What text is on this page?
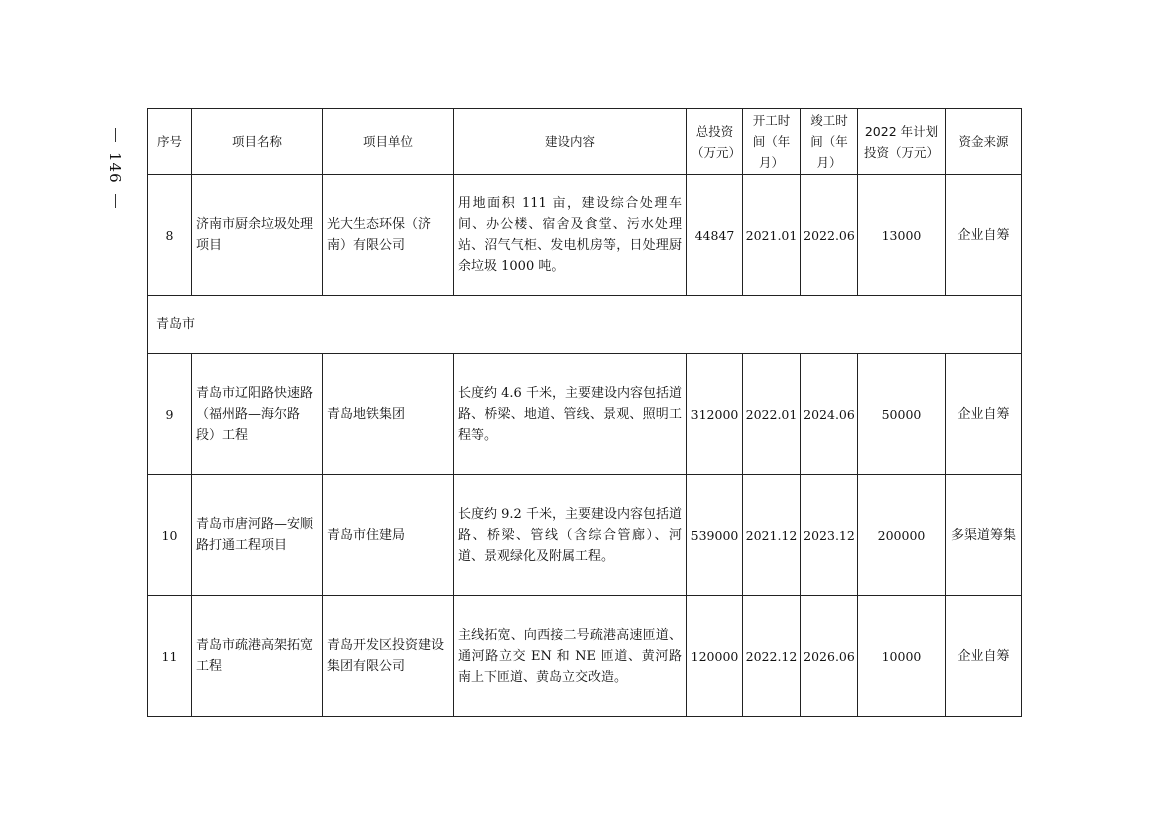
146
序号	项目名称	项目单位	建设内容	总投资（万元）	开工时间（年月）	竣工时间（年月）	2022 年计划投资（万元）	资金来源
8	济南市厨余垃圾处理项目	光大生态环保（济南）有限公司	用地面积 111 亩，建设综合处理车间、办公楼、宿舍及食堂、污水处理站、沼气气柜、发电机房等，日处理厨余垃圾 1000 吨。	44847	2021.01	2022.06	13000	企业自筹
青岛市								
9	青岛市辽阳路快速路（福州路—海尔路段）工程	青岛地铁集团	长度约 4.6 千米，主要建设内容包括道路、桥梁、地道、管线、景观、照明工程等。	312000	2022.01	2024.06	50000	企业自筹
10	青岛市唐河路—安顺路打通工程项目	青岛市住建局	长度约 9.2 千米，主要建设内容包括道路、桥梁、管线（含综合管廊）、河道、景观绿化及附属工程。	539000	2021.12	2023.12	200000	多渠道筹集
11	青岛市疏港高架拓宽工程	青岛开发区投资建设集团有限公司	主线拓宽、向西接二号疏港高速匝道、通河路立交 EN 和 NE 匝道、黄河路南上下匝道、黄岛立交改造。	120000	2022.12	2026.06	10000	企业自筹
